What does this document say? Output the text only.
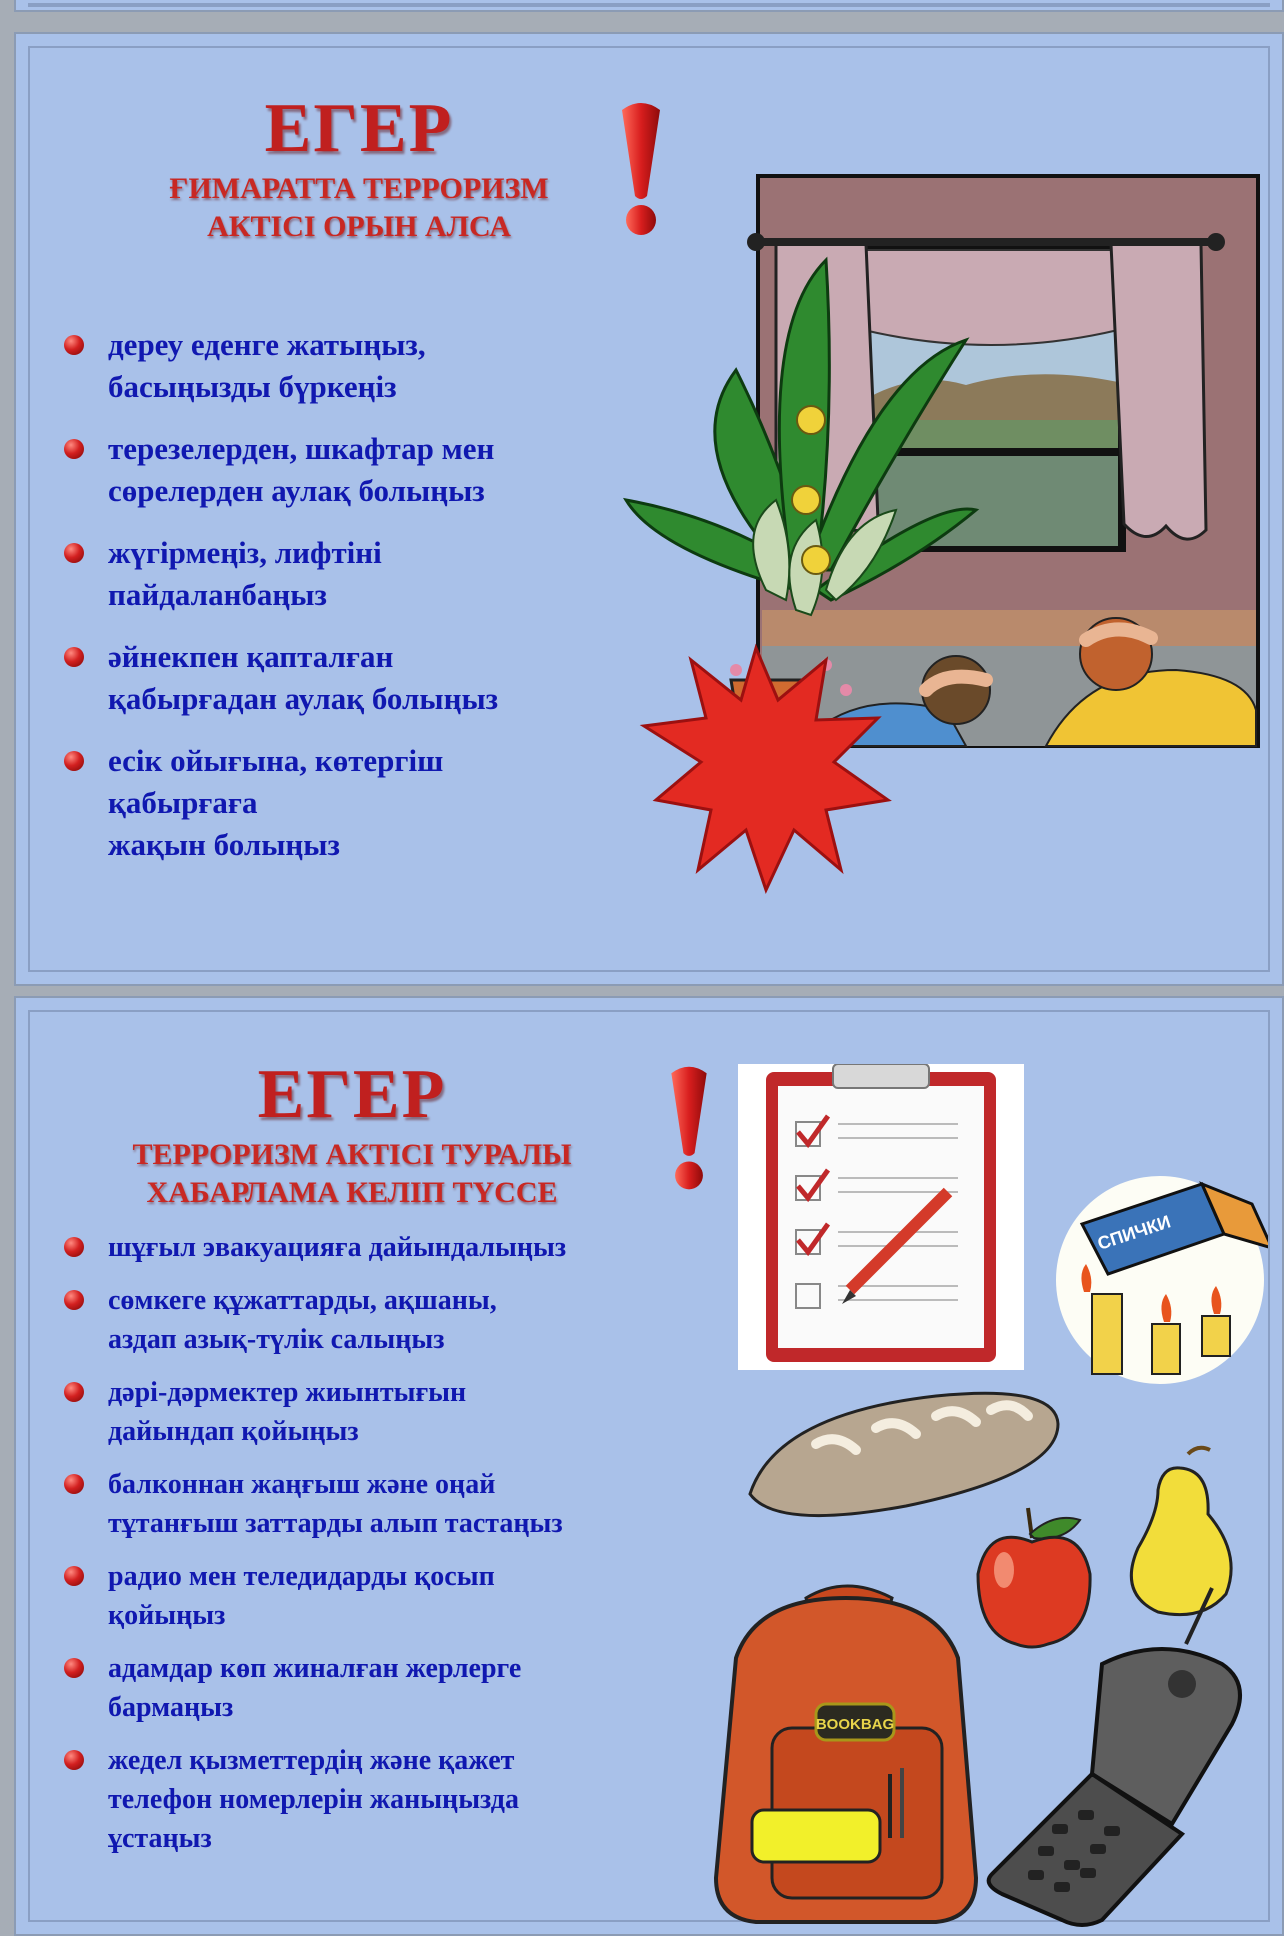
ЕГЕР
ҒИМАРАТТА ТЕРРОРИЗМ
АКТІСІ ОРЫН АЛСА
дереу еденге жатыңыз,
басыңызды бүркеңіз
терезелерден, шкафтар мен
сөрелерден аулақ болыңыз
жүгірмеңіз, лифтіні
пайдаланбаңыз
әйнекпен қапталған
қабырғадан аулақ болыңыз
есік ойығына, көтергіш
қабырғаға
жақын болыңыз
ЕГЕР
ТЕРРОРИЗМ АКТІСІ ТУРАЛЫ
ХАБАРЛАМА КЕЛІП ТҮССЕ
шұғыл эвакуацияға дайындалыңыз
сөмкеге құжаттарды, ақшаны,
аздап азық-түлік салыңыз
дәрі-дәрмектер жиынтығын
дайындап қойыңыз
балконнан жаңғыш және оңай
тұтанғыш заттарды алып тастаңыз
радио мен теледидарды қосып
қойыңыз
адамдар көп жиналған жерлерге
бармаңыз
жедел қызметтердің және қажет
телефон номерлерін жаныңызда
ұстаңыз
СПИЧКИ
BOOKBAG
